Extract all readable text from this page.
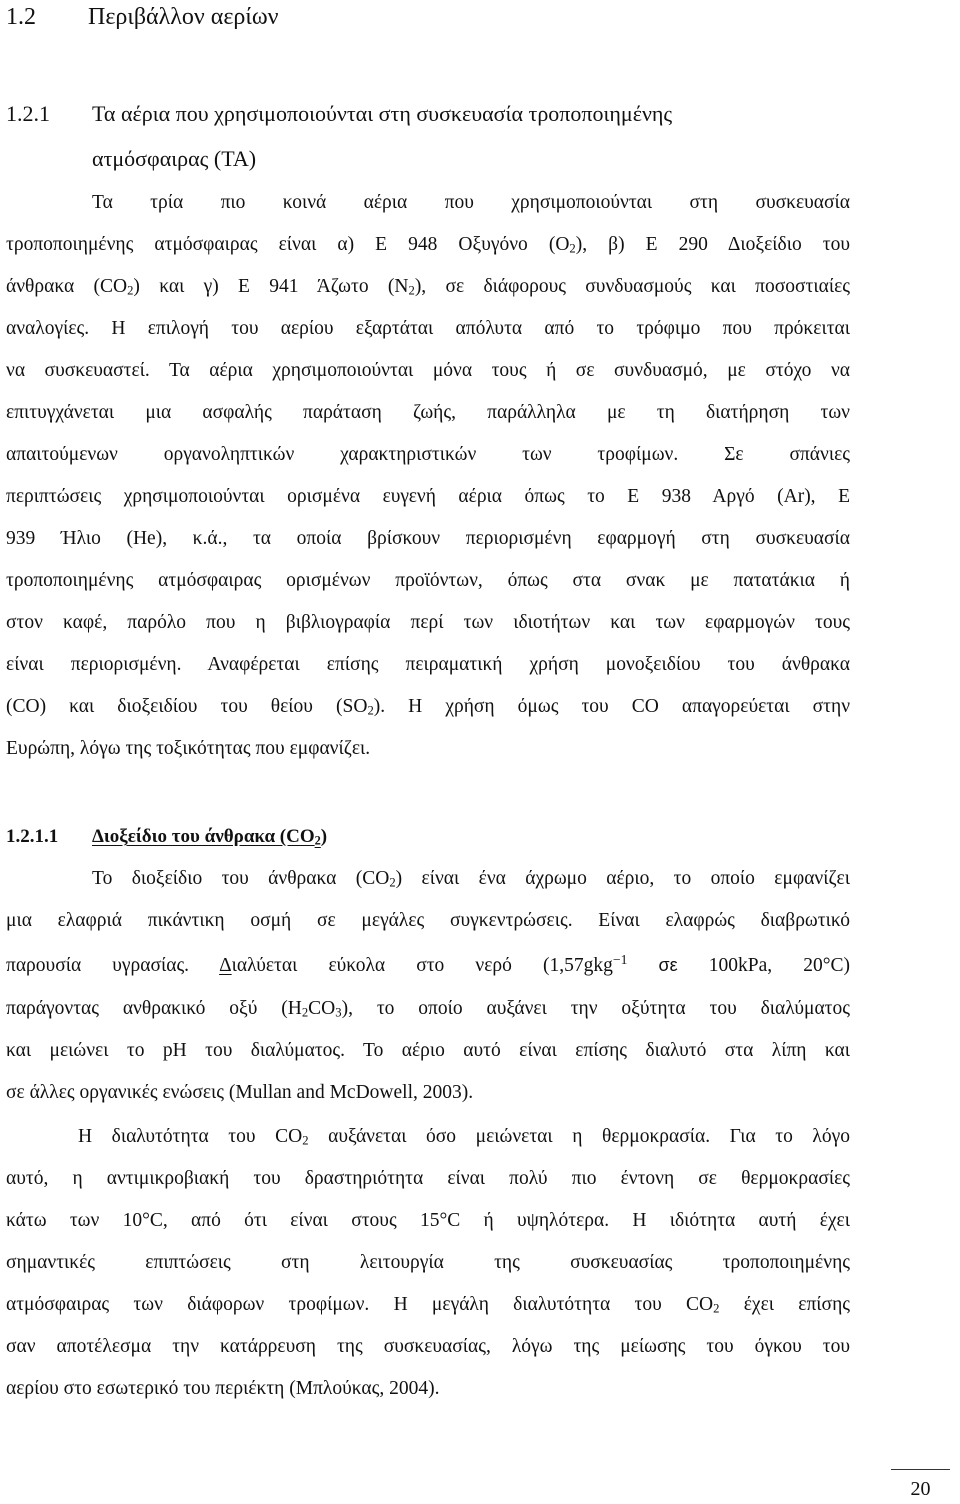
1.2 Περιβάλλον αερίων
1.2.1 Τα αέρια που χρησιμοποιούνται στη συσκευασία τροποποιημένης
ατμόσφαιρας (ΤΑ)
Τα τρία πιο κοινά αέρια που χρησιμοποιούνται στη συσκευασία
τροποποιημένης ατμόσφαιρας είναι α) Ε 948 Οξυγόνο $(O_2)$, β) Ε 290 Διοξείδιο του
άνθρακα $(CO_2)$ και γ) Ε 941 Άζωτο $(N_2)$, σε διάφορους συνδυασμούς και ποσοστιαίες
αναλογίες. Η επιλογή του αερίου εξαρτάται απόλυτα από το τρόφιμο που πρόκειται
να συσκευαστεί. Τα αέρια χρησιμοποιούνται μόνα τους ή σε συνδυασμό, με στόχο να
επιτυγχάνεται μια ασφαλής παράταση ζωής, παράλληλα με τη διατήρηση των
απαιτούμενων οργανοληπτικών χαρακτηριστικών των τροφίμων. Σε σπάνιες
περιπτώσεις χρησιμοποιούνται ορισμένα ευγενή αέρια όπως το Ε 938 Αργό (Ar), Ε
939 Ήλιο (He), κ.ά., τα οποία βρίσκουν περιορισμένη εφαρμογή στη συσκευασία
τροποποιημένης ατμόσφαιρας ορισμένων προϊόντων, όπως στα σνακ με πατατάκια ή
στον καφέ, παρόλο που η βιβλιογραφία περί των ιδιοτήτων και των εφαρμογών τους
είναι περιορισμένη. Αναφέρεται επίσης πειραματική χρήση μονοξειδίου του άνθρακα
(CO) και διοξειδίου του θείου $(SO_2)$. Η χρήση όμως του CO απαγορεύεται στην
Ευρώπη, λόγω της τοξικότητας που εμφανίζει.
1.2.1.1 Διοξείδιο του άνθρακα $(CO_2)$
Το διοξείδιο του άνθρακα $(CO_2)$ είναι ένα άχρωμο αέριο, το οποίο εμφανίζει
μια ελαφριά πικάντικη οσμή σε μεγάλες συγκεντρώσεις. Είναι ελαφρώς διαβρωτικό
παρουσία υγρασίας. Διαλύεται εύκολα στο νερό (1,57gkg$^{-1}$ σε 100kPa, 20°C)
παράγοντας ανθρακικό οξύ $(H_2CO_3)$, το οποίο αυξάνει την οξύτητα του διαλύματος
και μειώνει το pH του διαλύματος. Το αέριο αυτό είναι επίσης διαλυτό στα λίπη και
σε άλλες οργανικές ενώσεις (Mullan and McDowell, 2003).
Η διαλυτότητα του $CO_2$ αυξάνεται όσο μειώνεται η θερμοκρασία. Για το λόγο
αυτό, η αντιμικροβιακή του δραστηριότητα είναι πολύ πιο έντονη σε θερμοκρασίες
κάτω των 10°C, από ότι είναι στους 15°C ή υψηλότερα. Η ιδιότητα αυτή έχει
σημαντικές επιπτώσεις στη λειτουργία της συσκευασίας τροποποιημένης
ατμόσφαιρας των διάφορων τροφίμων. Η μεγάλη διαλυτότητα του $CO_2$ έχει επίσης
σαν αποτέλεσμα την κατάρρευση της συσκευασίας, λόγω της μείωσης του όγκου του
αερίου στο εσωτερικό του περιέκτη (Μπλούκας, 2004).
20
